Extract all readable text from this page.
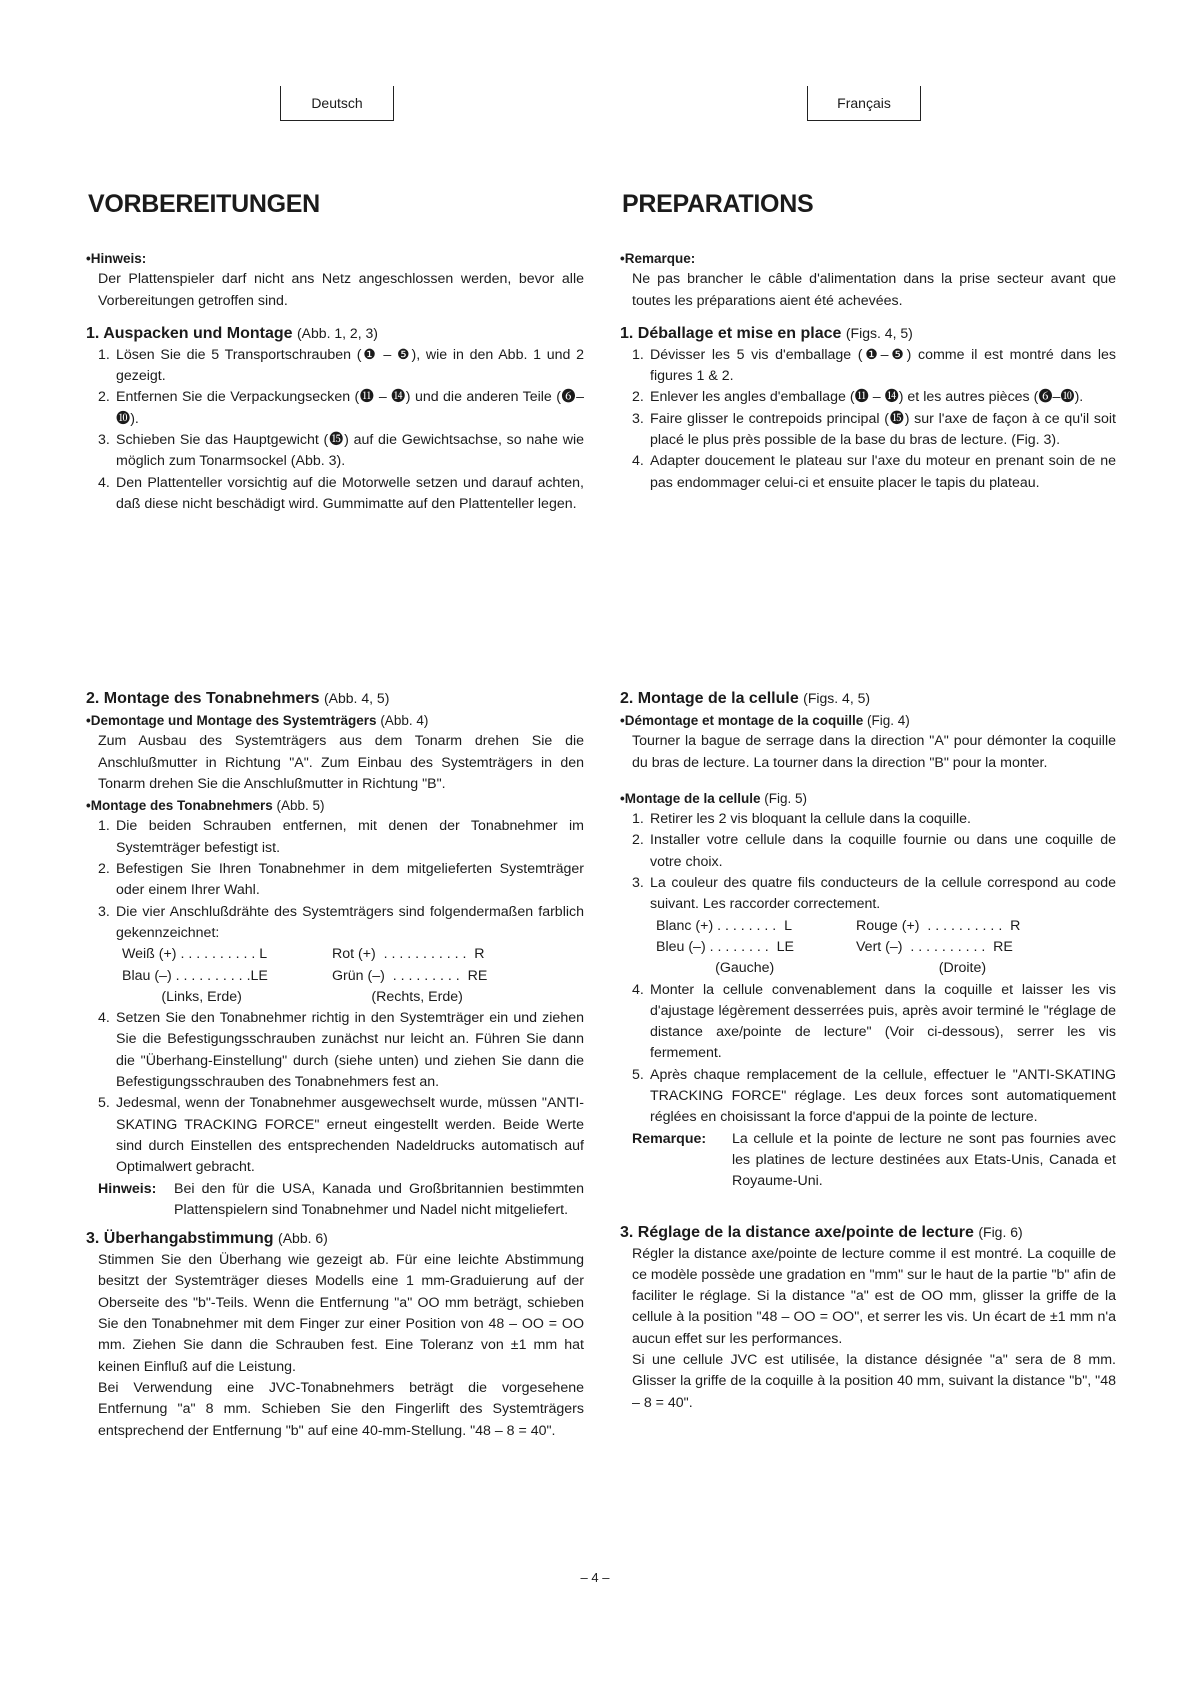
Deutsch	Français
VORBEREITUNGEN	PREPARATIONS
•Hinweis:
Der Plattenspieler darf nicht ans Netz angeschlossen werden, bevor alle Vorbereitungen getroffen sind.
1. Auspacken und Montage (Abb. 1, 2, 3)
1. Lösen Sie die 5 Transportschrauben (❶ – ❺), wie in den Abb. 1 und 2 gezeigt.
2. Entfernen Sie die Verpackungsecken (⓫ – ⓮) und die anderen Teile (❻–❿).
3. Schieben Sie das Hauptgewicht (⓯) auf die Gewichtsachse, so nahe wie möglich zum Tonarmsockel (Abb. 3).
4. Den Plattenteller vorsichtig auf die Motorwelle setzen und darauf achten, daß diese nicht beschädigt wird. Gummimatte auf den Plattenteller legen.
•Remarque:
Ne pas brancher le câble d'alimentation dans la prise secteur avant que toutes les préparations aient été achevées.
1. Déballage et mise en place (Figs. 4, 5)
1. Dévisser les 5 vis d'emballage (❶–❺) comme il est montré dans les figures 1 & 2.
2. Enlever les angles d'emballage (⓫ – ⓮) et les autres pièces (❻–❿).
3. Faire glisser le contrepoids principal (⓯) sur l'axe de façon à ce qu'il soit placé le plus près possible de la base du bras de lecture. (Fig. 3).
4. Adapter doucement le plateau sur l'axe du moteur en prenant soin de ne pas endommager celui-ci et ensuite placer le tapis du plateau.
2. Montage des Tonabnehmers (Abb. 4, 5)
•Demontage und Montage des Systemträgers (Abb. 4)
Zum Ausbau des Systemträgers aus dem Tonarm drehen Sie die Anschlußmutter in Richtung "A". Zum Einbau des Systemträgers in den Tonarm drehen Sie die Anschlußmutter in Richtung "B".
•Montage des Tonabnehmers (Abb. 5)
1. Die beiden Schrauben entfernen, mit denen der Tonabnehmer im Systemträger befestigt ist.
2. Befestigen Sie Ihren Tonabnehmer in dem mitgelieferten Systemträger oder einem Ihrer Wahl.
3. Die vier Anschlußdrähte des Systemträgers sind folgendermaßen farblich gekennzeichnet:
Weiß (+) . . . . . . . . . . L	Rot (+)  . . . . . . . . . . .  R
Blau (–) . . . . . . . . . .LE	Grün (–)  . . . . . . . . .  RE
(Links, Erde)	(Rechts, Erde)
4. Setzen Sie den Tonabnehmer richtig in den Systemträger ein und ziehen Sie die Befestigungsschrauben zunächst nur leicht an. Führen Sie dann die "Überhang-Einstellung" durch (siehe unten) und ziehen Sie dann die Befestigungsschrauben des Tonabnehmers fest an.
5. Jedesmal, wenn der Tonabnehmer ausgewechselt wurde, müssen "ANTI-SKATING TRACKING FORCE" erneut eingestellt werden. Beide Werte sind durch Einstellen des entsprechenden Nadeldrucks automatisch auf Optimalwert gebracht.
Hinweis:	Bei den für die USA, Kanada und Großbritannien bestimmten Plattenspielern sind Tonabnehmer und Nadel nicht mitgeliefert.
3. Überhangabstimmung (Abb. 6)
Stimmen Sie den Überhang wie gezeigt ab. Für eine leichte Abstimmung besitzt der Systemträger dieses Modells eine 1 mm-Graduierung auf der Oberseite des "b"-Teils. Wenn die Entfernung "a" OO mm beträgt, schieben Sie den Tonabnehmer mit dem Finger zur einer Position von 48 – OO = OO mm. Ziehen Sie dann die Schrauben fest. Eine Toleranz von ±1 mm hat keinen Einfluß auf die Leistung.
Bei Verwendung eine JVC-Tonabnehmers beträgt die vorgesehene Entfernung "a" 8 mm. Schieben Sie den Fingerlift des Systemträgers entsprechend der Entfernung "b" auf eine 40-mm-Stellung. "48 – 8 = 40".
2. Montage de la cellule (Figs. 4, 5)
•Démontage et montage de la coquille (Fig. 4)
Tourner la bague de serrage dans la direction "A" pour démonter la coquille du bras de lecture. La tourner dans la direction "B" pour la monter.
•Montage de la cellule (Fig. 5)
1. Retirer les 2 vis bloquant la cellule dans la coquille.
2. Installer votre cellule dans la coquille fournie ou dans une coquille de votre choix.
3. La couleur des quatre fils conducteurs de la cellule correspond au code suivant. Les raccorder correctement.
Blanc (+) . . . . . . . .  L	Rouge (+)  . . . . . . . . . .  R
Bleu (–) . . . . . . . .  LE	Vert (–)  . . . . . . . . . .  RE
(Gauche)	(Droite)
4. Monter la cellule convenablement dans la coquille et laisser les vis d'ajustage légèrement desserrées puis, après avoir terminé le "réglage de distance axe/pointe de lecture" (Voir ci-dessous), serrer les vis fermement.
5. Après chaque remplacement de la cellule, effectuer le "ANTI-SKATING TRACKING FORCE" réglage. Les deux forces sont automatiquement réglées en choisissant la force d'appui de la pointe de lecture.
Remarque:	La cellule et la pointe de lecture ne sont pas fournies avec les platines de lecture destinées aux Etats-Unis, Canada et Royaume-Uni.
3. Réglage de la distance axe/pointe de lecture (Fig. 6)
Régler la distance axe/pointe de lecture comme il est montré. La coquille de ce modèle possède une gradation en "mm" sur le haut de la partie "b" afin de faciliter le réglage. Si la distance "a" est de OO mm, glisser la griffe de la cellule à la position "48 – OO = OO", et serrer les vis. Un écart de ±1 mm n'a aucun effet sur les performances.
Si une cellule JVC est utilisée, la distance désignée "a" sera de 8 mm. Glisser la griffe de la coquille à la position 40 mm, suivant la distance "b", "48 – 8 = 40".
– 4 –
